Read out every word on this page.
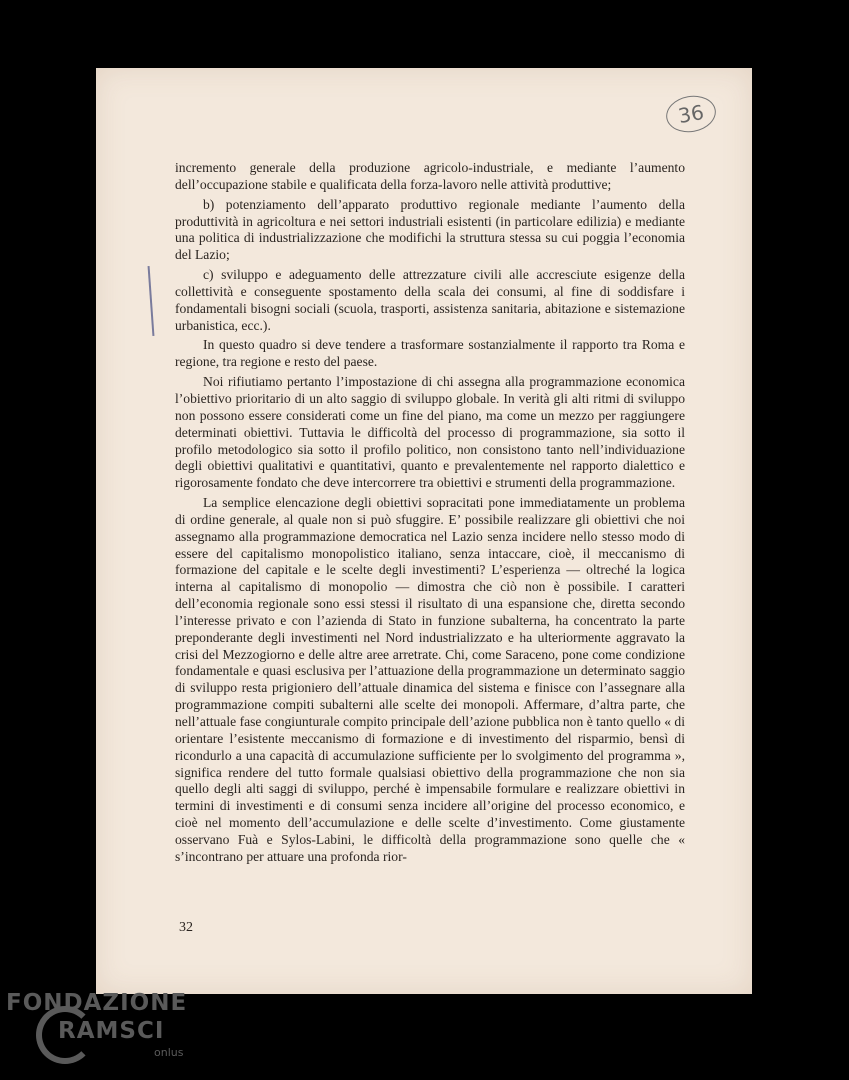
36

incremento generale della produzione agricolo-industriale, e mediante l’aumento dell’occupazione stabile e qualificata della forza-lavoro nelle attività produttive;

b) potenziamento dell’apparato produttivo regionale mediante l’aumento della produttività in agricoltura e nei settori industriali esistenti (in particolare edilizia) e mediante una politica di industrializzazione che modifichi la struttura stessa su cui poggia l’economia del Lazio;

c) sviluppo e adeguamento delle attrezzature civili alle accresciute esigenze della collettività e conseguente spostamento della scala dei consumi, al fine di soddisfare i fondamentali bisogni sociali (scuola, trasporti, assistenza sanitaria, abitazione e sistemazione urbanistica, ecc.).

In questo quadro si deve tendere a trasformare sostanzialmente il rapporto tra Roma e regione, tra regione e resto del paese.

Noi rifiutiamo pertanto l’impostazione di chi assegna alla programmazione economica l’obiettivo prioritario di un alto saggio di sviluppo globale. In verità gli alti ritmi di sviluppo non possono essere considerati come un fine del piano, ma come un mezzo per raggiungere determinati obiettivi. Tuttavia le difficoltà del processo di programmazione, sia sotto il profilo metodologico sia sotto il profilo politico, non consistono tanto nell’individuazione degli obiettivi qualitativi e quantitativi, quanto e prevalentemente nel rapporto dialettico e rigorosamente fondato che deve intercorrere tra obiettivi e strumenti della programmazione.

La semplice elencazione degli obiettivi sopracitati pone immediatamente un problema di ordine generale, al quale non si può sfuggire. E’ possibile realizzare gli obiettivi che noi assegnamo alla programmazione democratica nel Lazio senza incidere nello stesso modo di essere del capitalismo monopolistico italiano, senza intaccare, cioè, il meccanismo di formazione del capitale e le scelte degli investimenti? L’esperienza — oltreché la logica interna al capitalismo di monopolio — dimostra che ciò non è possibile. I caratteri dell’economia regionale sono essi stessi il risultato di una espansione che, diretta secondo l’interesse privato e con l’azienda di Stato in funzione subalterna, ha concentrato la parte preponderante degli investimenti nel Nord industrializzato e ha ulteriormente aggravato la crisi del Mezzogiorno e delle altre aree arretrate. Chi, come Saraceno, pone come condizione fondamentale e quasi esclusiva per l’attuazione della programmazione un determinato saggio di sviluppo resta prigioniero dell’attuale dinamica del sistema e finisce con l’assegnare alla programmazione compiti subalterni alle scelte dei monopoli. Affermare, d’altra parte, che nell’attuale fase congiunturale compito principale dell’azione pubblica non è tanto quello « di orientare l’esistente meccanismo di formazione e di investimento del risparmio, bensì di ricondurlo a una capacità di accumulazione sufficiente per lo svolgimento del programma », significa rendere del tutto formale qualsiasi obiettivo della programmazione che non sia quello degli alti saggi di sviluppo, perché è impensabile formulare e realizzare obiettivi in termini di investimenti e di consumi senza incidere all’origine del processo economico, e cioè nel momento dell’accumulazione e delle scelte d’investimento. Come giustamente osservano Fuà e Sylos-Labini, le difficoltà della programmazione sono quelle che « s’incontrano per attuare una profonda rior-

32
FONDAZIONE
RAMSCI
onlus
